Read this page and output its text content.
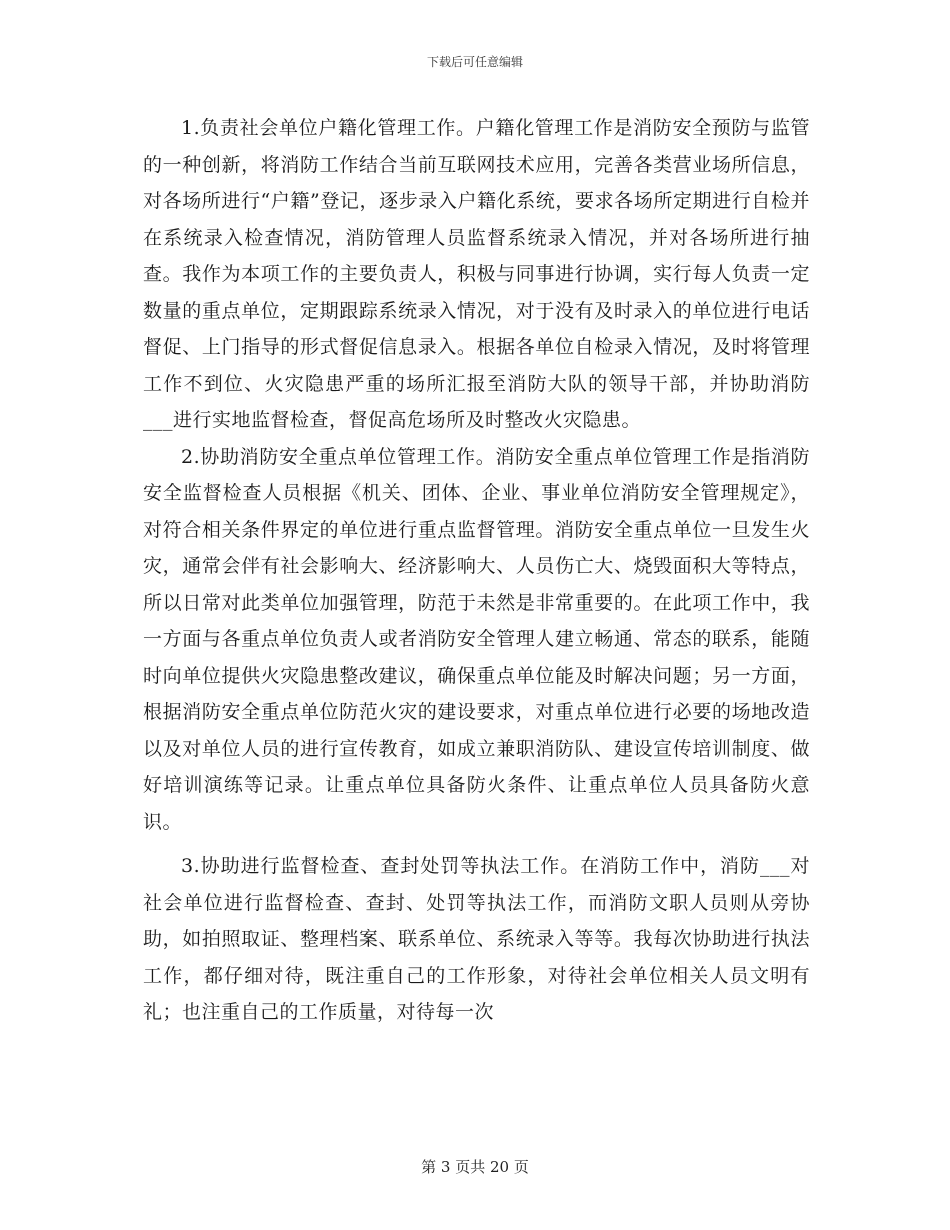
下载后可任意编辑

1.负责社会单位户籍化管理工作。户籍化管理工作是消防安全预防与监管的一种创新，将消防工作结合当前互联网技术应用，完善各类营业场所信息，对各场所进行“户籍”登记，逐步录入户籍化系统，要求各场所定期进行自检并在系统录入检查情况，消防管理人员监督系统录入情况，并对各场所进行抽查。我作为本项工作的主要负责人，积极与同事进行协调，实行每人负责一定数量的重点单位，定期跟踪系统录入情况，对于没有及时录入的单位进行电话督促、上门指导的形式督促信息录入。根据各单位自检录入情况，及时将管理工作不到位、火灾隐患严重的场所汇报至消防大队的领导干部，并协助消防___进行实地监督检查，督促高危场所及时整改火灾隐患。

2.协助消防安全重点单位管理工作。消防安全重点单位管理工作是指消防安全监督检查人员根据《机关、团体、企业、事业单位消防安全管理规定》，对符合相关条件界定的单位进行重点监督管理。消防安全重点单位一旦发生火灾，通常会伴有社会影响大、经济影响大、人员伤亡大、烧毁面积大等特点，所以日常对此类单位加强管理，防范于未然是非常重要的。在此项工作中，我一方面与各重点单位负责人或者消防安全管理人建立畅通、常态的联系，能随时向单位提供火灾隐患整改建议，确保重点单位能及时解决问题；另一方面，根据消防安全重点单位防范火灾的建设要求，对重点单位进行必要的场地改造以及对单位人员的进行宣传教育，如成立兼职消防队、建设宣传培训制度、做好培训演练等记录。让重点单位具备防火条件、让重点单位人员具备防火意识。

3.协助进行监督检查、查封处罚等执法工作。在消防工作中，消防___对社会单位进行监督检查、查封、处罚等执法工作，而消防文职人员则从旁协助，如拍照取证、整理档案、联系单位、系统录入等等。我每次协助进行执法工作，都仔细对待，既注重自己的工作形象，对待社会单位相关人员文明有礼；也注重自己的工作质量，对待每一次

第 3 页共 20 页
